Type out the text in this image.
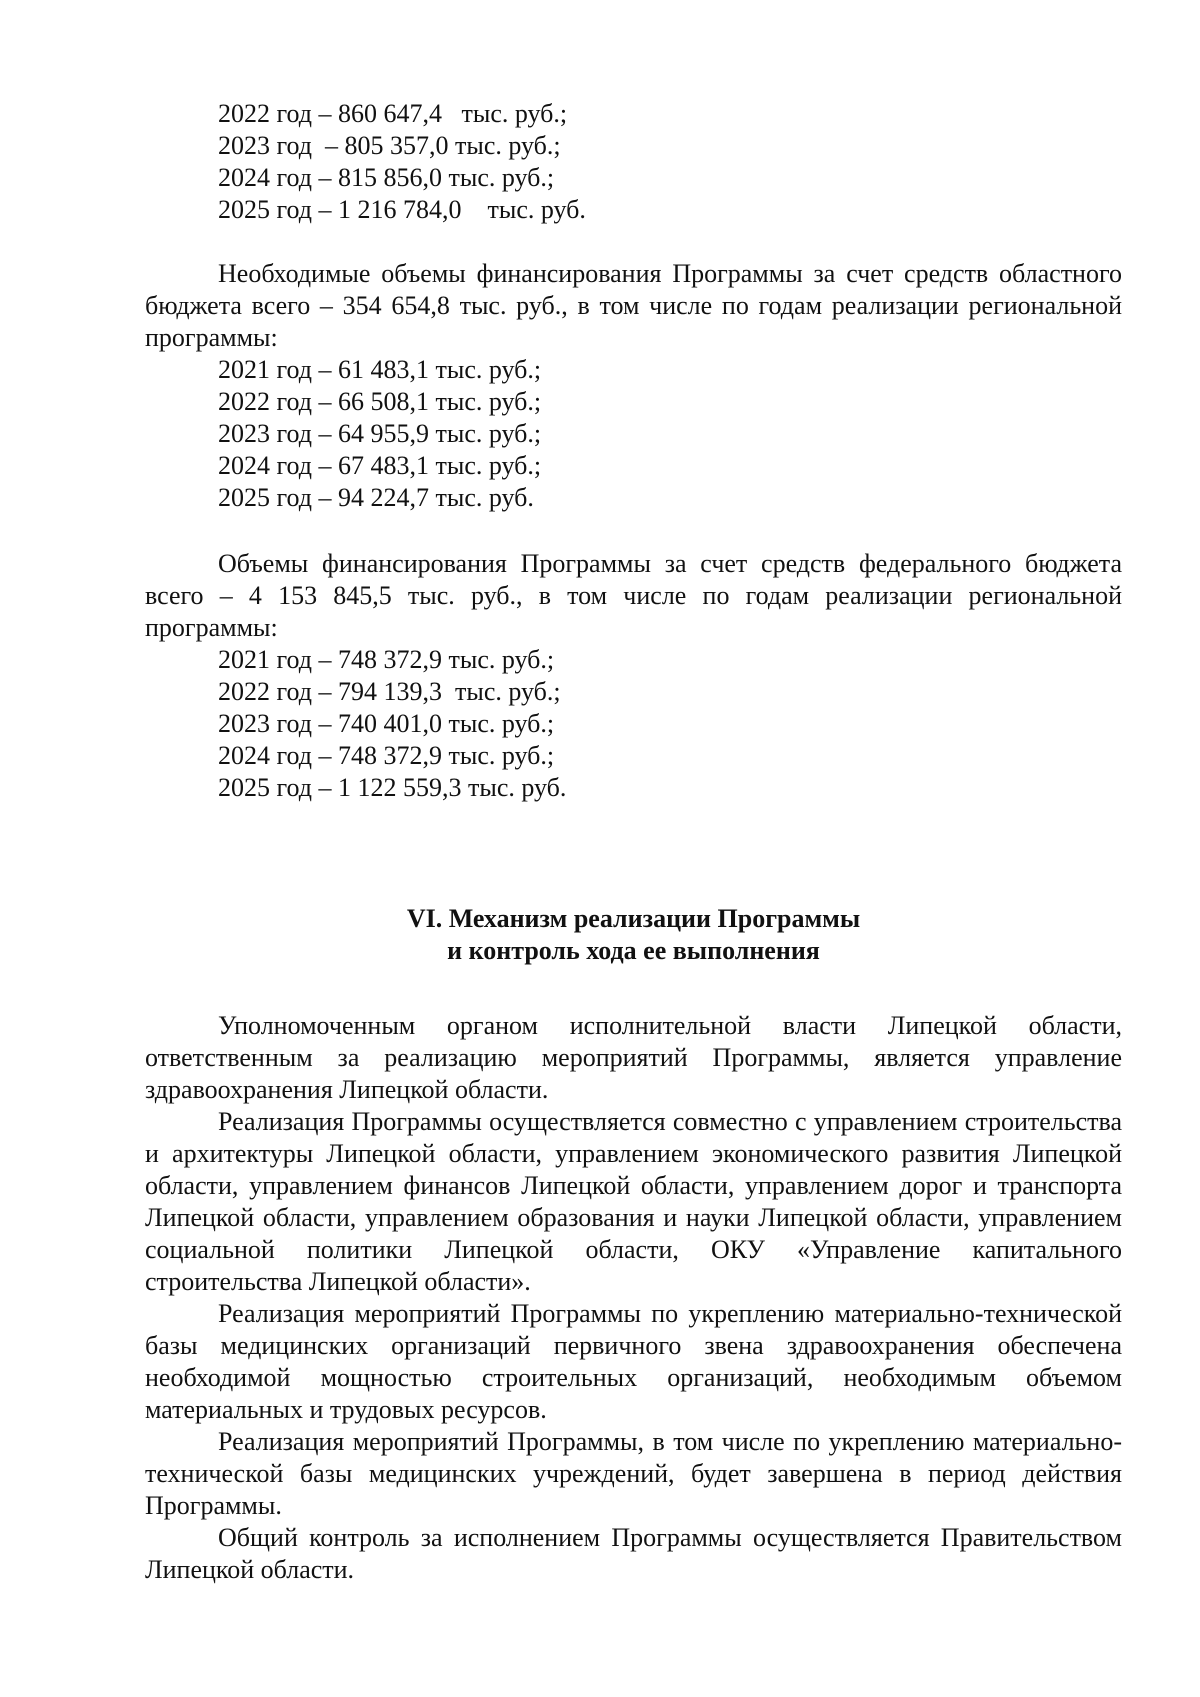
2022 год – 860 647,4   тыс. руб.;
2023 год  – 805 357,0 тыс. руб.;
2024 год – 815 856,0 тыс. руб.;
2025 год – 1 216 784,0    тыс. руб.

Необходимые объемы финансирования Программы за счет средств областного бюджета всего – 354 654,8 тыс. руб., в том числе по годам реализации региональной программы:

2021 год – 61 483,1 тыс. руб.;
2022 год – 66 508,1 тыс. руб.;
2023 год – 64 955,9 тыс. руб.;
2024 год – 67 483,1 тыс. руб.;
2025 год – 94 224,7 тыс. руб.

Объемы финансирования Программы за счет средств федерального бюджета всего – 4 153 845,5 тыс. руб., в том числе по годам реализации региональной программы:

2021 год – 748 372,9 тыс. руб.;
2022 год – 794 139,3  тыс. руб.;
2023 год – 740 401,0 тыс. руб.;
2024 год – 748 372,9 тыс. руб.;
2025 год – 1 122 559,3 тыс. руб.

VI. Механизм реализации Программы

и контроль хода ее выполнения

Уполномоченным органом исполнительной власти Липецкой области, ответственным за реализацию мероприятий Программы, является управление здравоохранения Липецкой области.

Реализация Программы осуществляется совместно с управлением строительства и архитектуры Липецкой области, управлением экономического развития Липецкой области, управлением финансов Липецкой области, управлением дорог и транспорта Липецкой области, управлением образования и науки Липецкой области, управлением социальной политики Липецкой области, ОКУ «Управление капитального строительства Липецкой области».

Реализация мероприятий Программы по укреплению материально-технической базы медицинских организаций первичного звена здравоохранения обеспечена необходимой мощностью строительных организаций, необходимым объемом материальных и трудовых ресурсов.

Реализация мероприятий Программы, в том числе по укреплению материально-технической базы медицинских учреждений, будет завершена в период действия Программы.

Общий контроль за исполнением Программы осуществляется Правительством Липецкой области.
